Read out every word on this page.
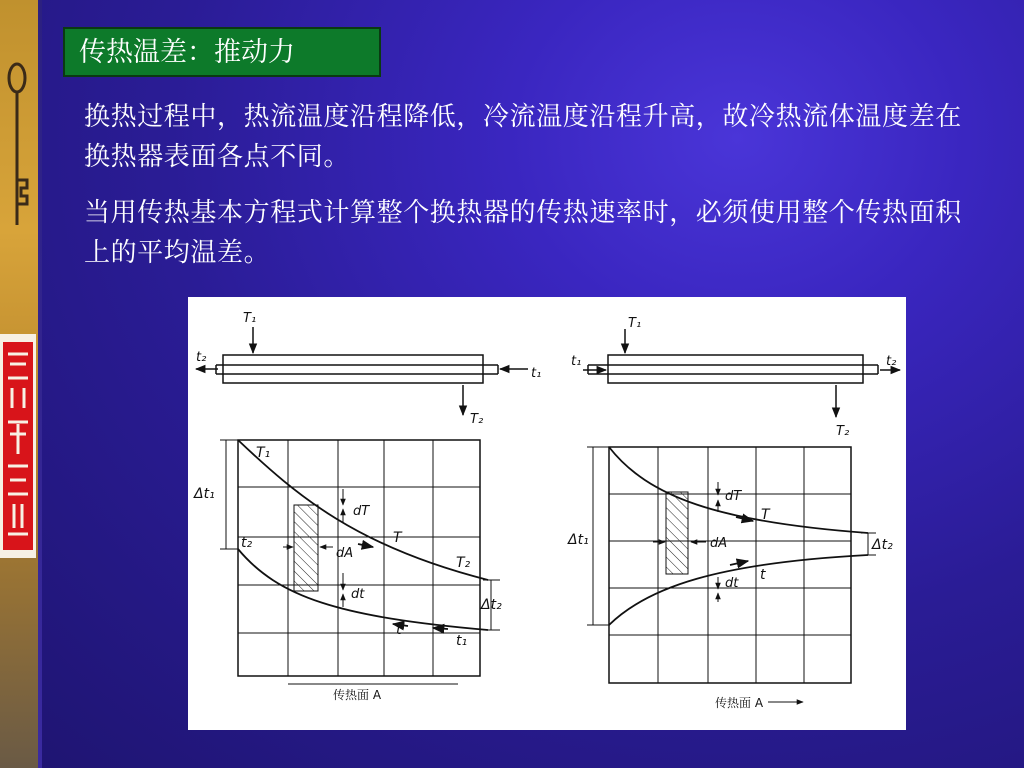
传热温差：推动力
换热过程中，热流温度沿程降低，冷流温度沿程升高，故冷热流体温度差在换热器表面各点不同。
当用传热基本方程式计算整个换热器的传热速率时，必须使用整个传热面积上的平均温差。
T₁
T₂
t₁
t₂
T₁
T
T₂
t₂
t
t₁
Δt₁
Δt₂
dT
dA
dt
传热面 A
T₁
T₂
t₁	t₂
T
t
Δt₁	Δt₂
dT
dA
dt
传热面 A
